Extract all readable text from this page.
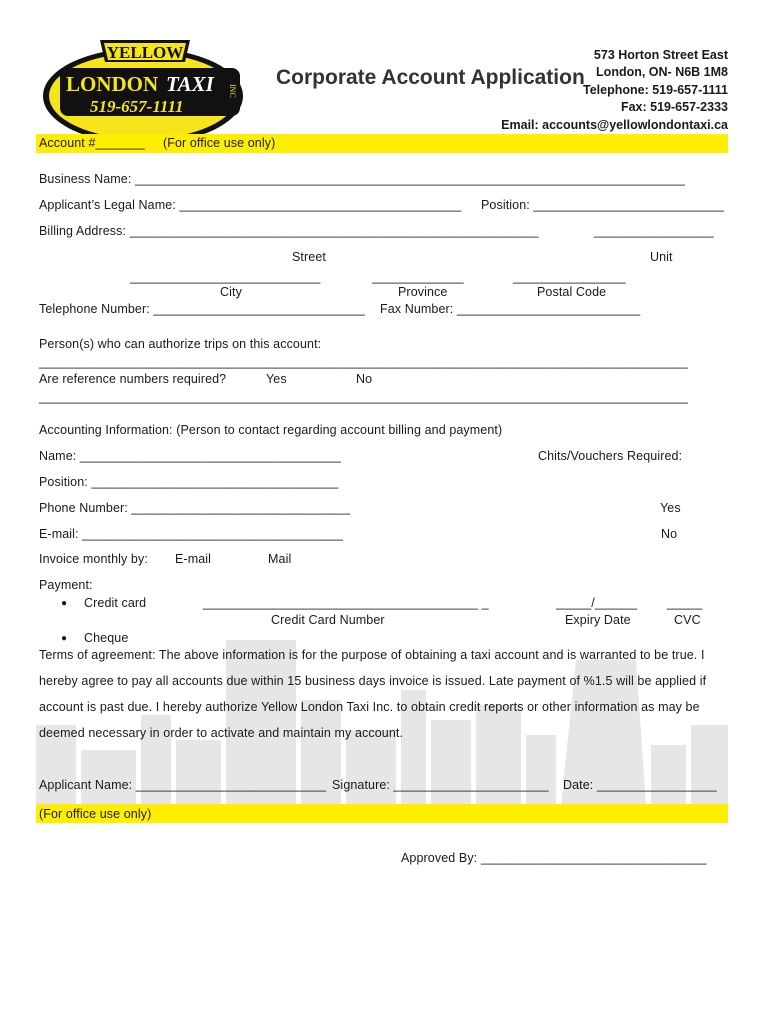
YELLOW
LONDON TAXI INC
519-657-1111
Corporate Account Application
573 Horton Street East
London, ON- N6B 1M8
Telephone: 519-657-1111
Fax: 519-657-2333
Email: accounts@yellowlondontaxi.ca
Account #_______ (For office use only)
Business Name: ______________________________________________________________________________
Applicant’s Legal Name: ________________________________________ Position: ___________________________
Billing Address: __________________________________________________________	_________________
Street	Unit
___________________________	_____________	________________
City	Province	Postal Code
Telephone Number: ______________________________ Fax Number: __________________________
Person(s) who can authorize trips on this account:
____________________________________________________________________________________________
Are reference numbers required?	Yes	No
____________________________________________________________________________________________
Accounting Information: (Person to contact regarding account billing and payment)
Name: _____________________________________	Chits/Vouchers Required:
Position: ___________________________________
Phone Number: _______________________________	Yes
E-mail: _____________________________________	No
Invoice monthly by: E-mail	Mail
Payment:
● Credit card	_______________________________________ _	_____/______ _____
Credit Card Number	Expiry Date	CVC
● Cheque
Terms of agreement: The above information is for the purpose of obtaining a taxi account and is warranted to be true. I
hereby agree to pay all accounts due within 15 business days invoice is issued. Late payment of %1.5 will be applied if
account is past due. I hereby authorize Yellow London Taxi Inc. to obtain credit reports or other information as may be
deemed necessary in order to activate and maintain my account.
Applicant Name: ___________________________ Signature: ______________________ Date: _________________
(For office use only)
Approved By: ________________________________
